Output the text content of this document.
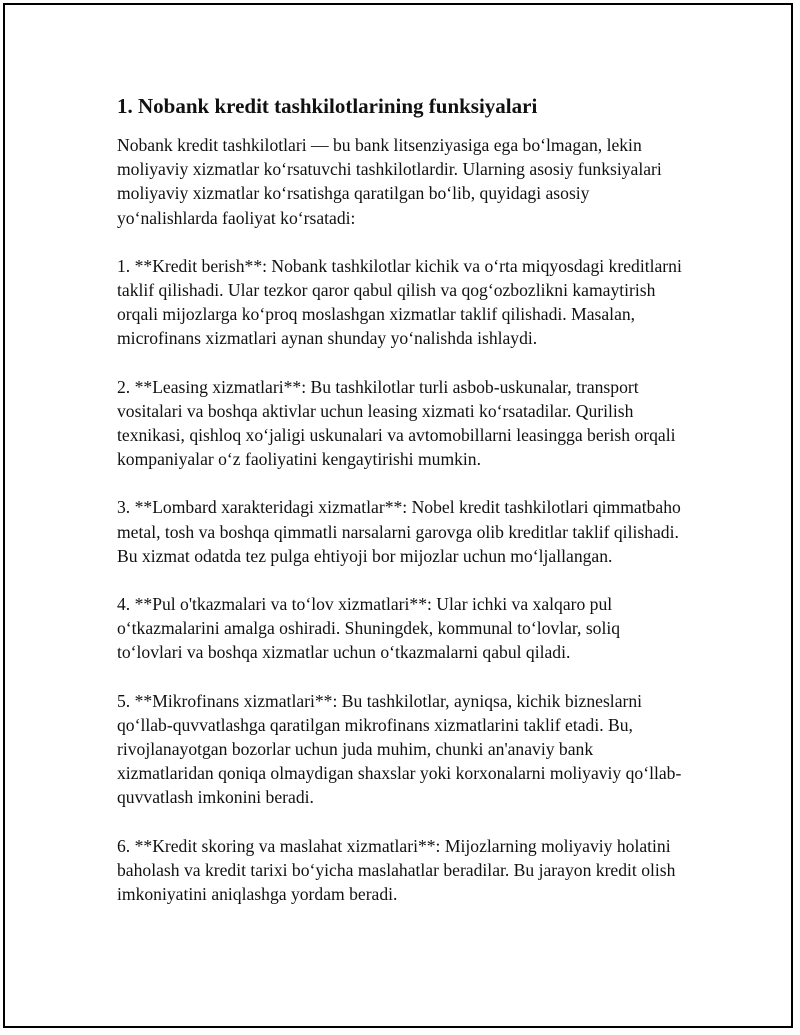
1. Nobank kredit tashkilotlarining funksiyalari

Nobank kredit tashkilotlari — bu bank litsenziyasiga ega bo‘lmagan, lekin moliyaviy xizmatlar ko‘rsatuvchi tashkilotlardir. Ularning asosiy funksiyalari moliyaviy xizmatlar ko‘rsatishga qaratilgan bo‘lib, quyidagi asosiy yo‘nalishlarda faoliyat ko‘rsatadi:

1. **Kredit berish**: Nobank tashkilotlar kichik va o‘rta miqyosdagi kreditlarni taklif qilishadi. Ular tezkor qaror qabul qilish va qog‘ozbozlikni kamaytirish orqali mijozlarga ko‘proq moslashgan xizmatlar taklif qilishadi. Masalan, microfinans xizmatlari aynan shunday yo‘nalishda ishlaydi.

2. **Leasing xizmatlari**: Bu tashkilotlar turli asbob-uskunalar, transport vositalari va boshqa aktivlar uchun leasing xizmati ko‘rsatadilar. Qurilish texnikasi, qishloq xo‘jaligi uskunalari va avtomobillarni leasingga berish orqali kompaniyalar o‘z faoliyatini kengaytirishi mumkin.

3. **Lombard xarakteridagi xizmatlar**: Nobel kredit tashkilotlari qimmatbaho metal, tosh va boshqa qimmatli narsalarni garovga olib kreditlar taklif qilishadi. Bu xizmat odatda tez pulga ehtiyoji bor mijozlar uchun mo‘ljallangan.

4. **Pul o'tkazmalari va to‘lov xizmatlari**: Ular ichki va xalqaro pul o‘tkazmalarini amalga oshiradi. Shuningdek, kommunal to‘lovlar, soliq to‘lovlari va boshqa xizmatlar uchun o‘tkazmalarni qabul qiladi.

5. **Mikrofinans xizmatlari**: Bu tashkilotlar, ayniqsa, kichik bizneslarni qo‘llab-quvvatlashga qaratilgan mikrofinans xizmatlarini taklif etadi. Bu, rivojlanayotgan bozorlar uchun juda muhim, chunki an'anaviy bank xizmatlaridan qoniqa olmaydigan shaxslar yoki korxonalarni moliyaviy qo‘llab-quvvatlash imkonini beradi.

6. **Kredit skoring va maslahat xizmatlari**: Mijozlarning moliyaviy holatini baholash va kredit tarixi bo‘yicha maslahatlar beradilar. Bu jarayon kredit olish imkoniyatini aniqlashga yordam beradi.
